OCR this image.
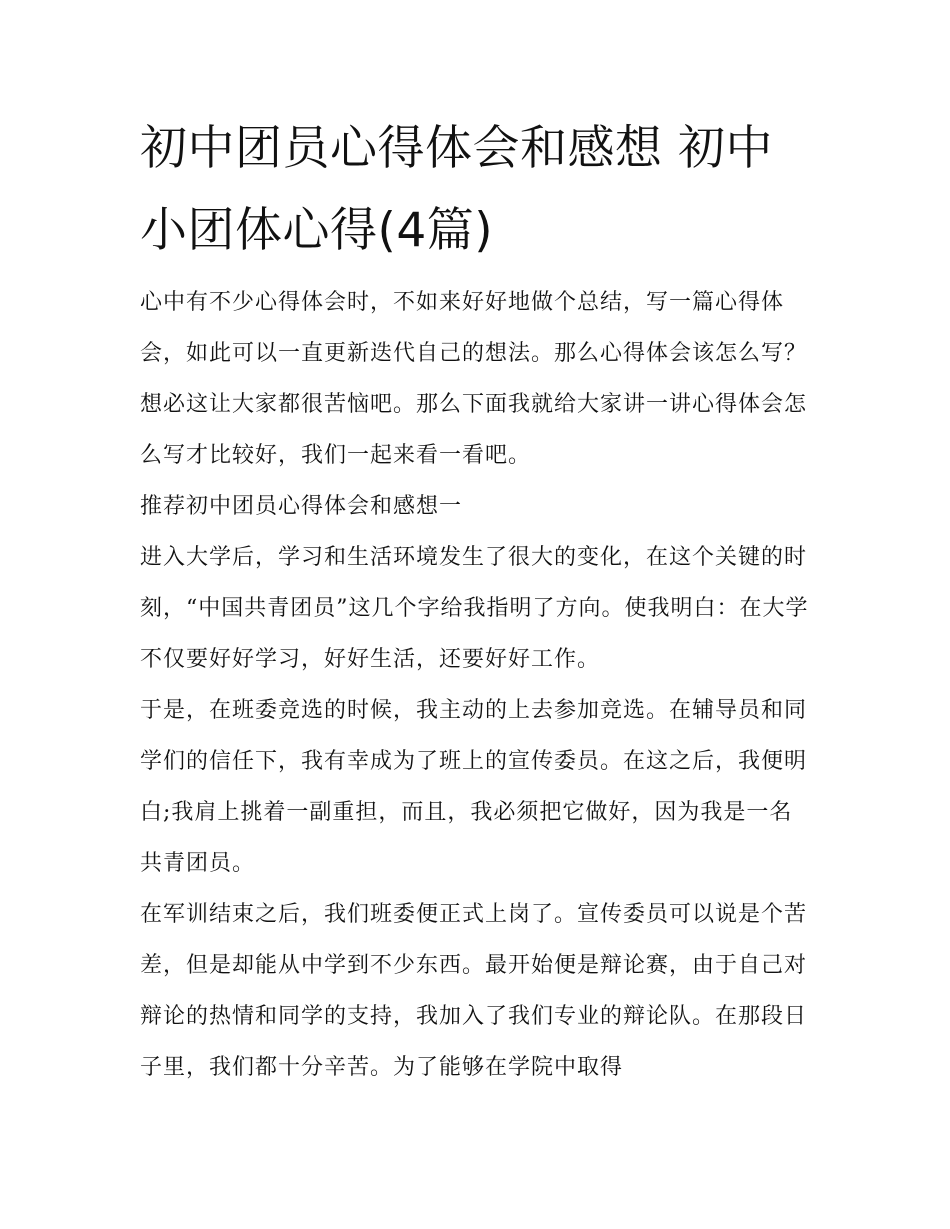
初中团员心得体会和感想 初中小团体心得(4篇)

心中有不少心得体会时，不如来好好地做个总结，写一篇心得体会，如此可以一直更新迭代自己的想法。那么心得体会该怎么写？想必这让大家都很苦恼吧。那么下面我就给大家讲一讲心得体会怎么写才比较好，我们一起来看一看吧。

推荐初中团员心得体会和感想一

进入大学后，学习和生活环境发生了很大的变化，在这个关键的时刻，“中国共青团员”这几个字给我指明了方向。使我明白：在大学不仅要好好学习，好好生活，还要好好工作。

于是，在班委竞选的时候，我主动的上去参加竞选。在辅导员和同学们的信任下，我有幸成为了班上的宣传委员。在这之后，我便明白;我肩上挑着一副重担，而且，我必须把它做好，因为我是一名共青团员。

在军训结束之后，我们班委便正式上岗了。宣传委员可以说是个苦差，但是却能从中学到不少东西。最开始便是辩论赛，由于自己对辩论的热情和同学的支持，我加入了我们专业的辩论队。在那段日子里，我们都十分辛苦。为了能够在学院中取得
